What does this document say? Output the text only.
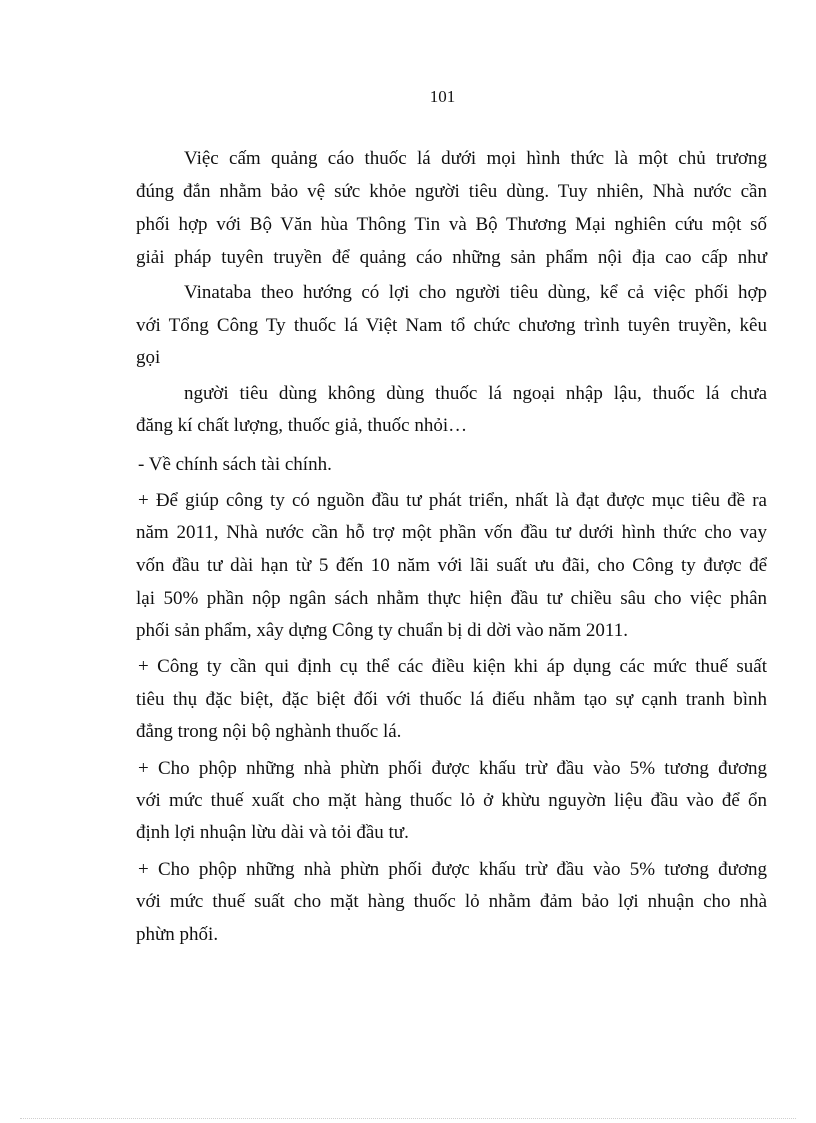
101
Việc cấm quảng cáo thuốc lá dưới mọi hình thức là một chủ trương
đúng đắn nhằm bảo vệ sức khỏe người tiêu dùng. Tuy nhiên, Nhà nước cần
phối hợp với Bộ Văn hùa Thông Tin và Bộ Thương Mại nghiên cứu một số
giải pháp tuyên truyền để quảng cáo những sản phẩm nội địa cao cấp như
Vinataba theo hướng có lợi cho người tiêu dùng, kể cả việc phối hợp
với Tổng Công Ty thuốc lá Việt Nam tổ chức chương trình tuyên truyền, kêu
gọi
người tiêu dùng không dùng thuốc lá ngoại nhập lậu, thuốc lá chưa
đăng kí chất lượng, thuốc giả, thuốc nhỏi…
- Về chính sách tài chính.
+ Để giúp công ty có nguồn đầu tư phát triển, nhất là đạt được mục tiêu đề ra
năm 2011, Nhà nước cần hỗ trợ một phần vốn đầu tư dưới hình thức cho vay
vốn đầu tư dài hạn từ 5 đến 10 năm với lãi suất ưu đãi, cho Công ty được để
lại 50% phần nộp ngân sách nhằm thực hiện đầu tư chiều sâu cho việc phân
phối sản phẩm, xây dựng Công ty chuẩn bị di dời vào năm 2011.
+ Công ty cần qui định cụ thể các điều kiện khi áp dụng các mức thuế suất
tiêu thụ đặc biệt, đặc biệt đối với thuốc lá điếu nhằm tạo sự cạnh tranh bình
đẳng trong nội bộ nghành thuốc lá.
+ Cho phộp những nhà phừn phối được khấu trừ đầu vào 5% tương đương
với mức thuế xuất cho mặt hàng thuốc lỏ ở khừu nguyờn liệu đầu vào để ổn
định lợi nhuận lừu dài và tỏi đầu tư.
+ Cho phộp những nhà phừn phối được khấu trừ đầu vào 5% tương đương
với mức thuế suất cho mặt hàng thuốc lỏ nhằm đảm bảo lợi nhuận cho nhà
phừn phối.
